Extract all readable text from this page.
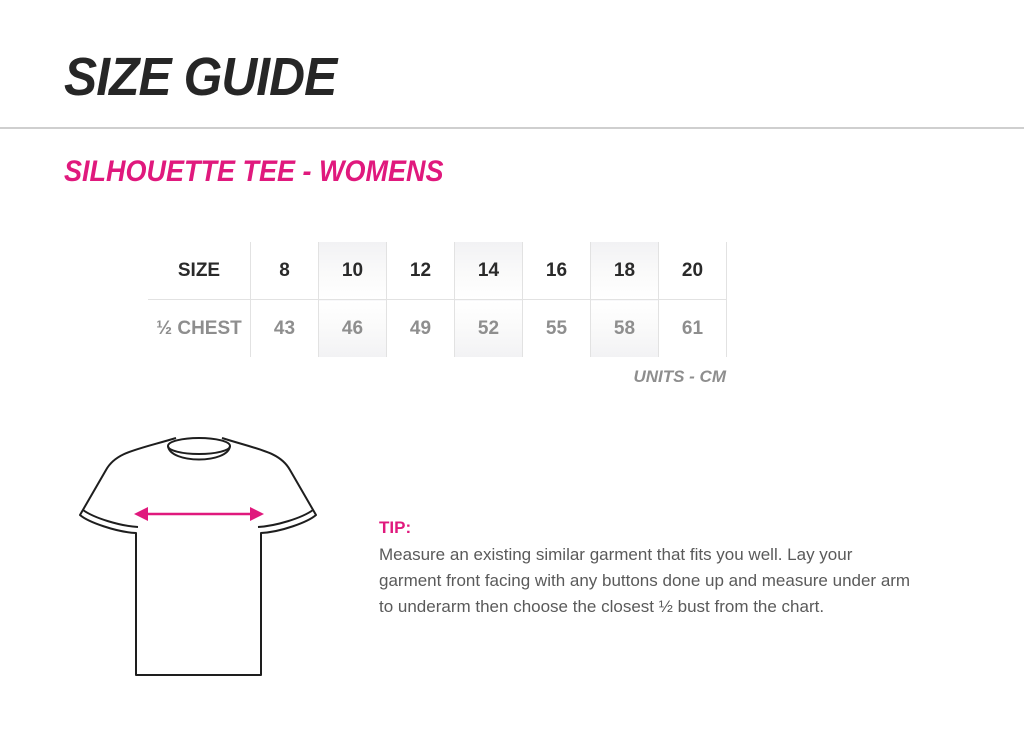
SIZE GUIDE
SILHOUETTE TEE - WOMENS
SIZE	8	10	12	14	16	18	20
½ CHEST	43	46	49	52	55	58	61
UNITS - CM
TIP:
Measure an existing similar garment that fits you well. Lay your
garment front facing with any buttons done up and measure under arm
to underarm then choose the closest ½ bust from the chart.
